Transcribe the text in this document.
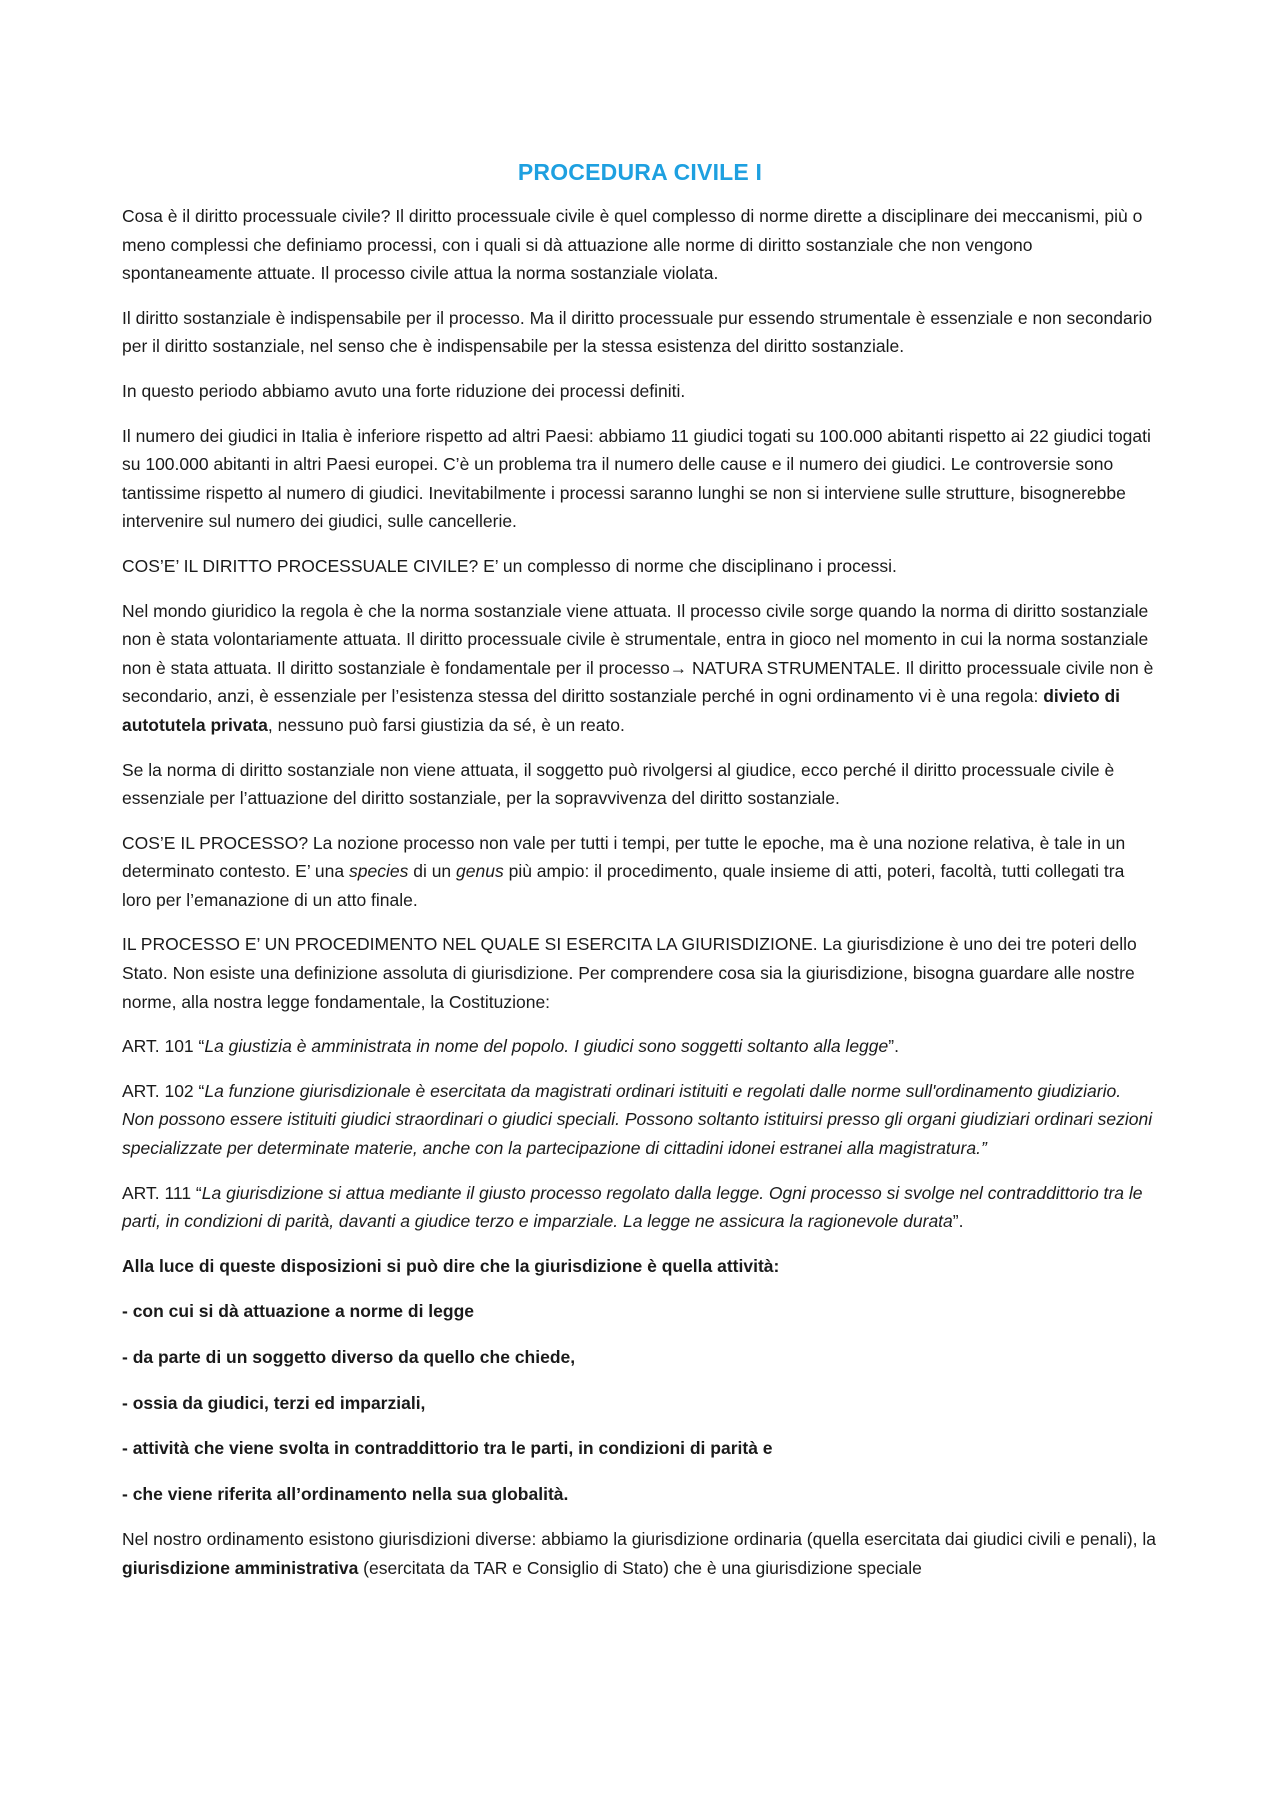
PROCEDURA CIVILE I

Cosa è il diritto processuale civile? Il diritto processuale civile è quel complesso di norme dirette a disciplinare dei meccanismi, più o meno complessi che definiamo processi, con i quali si dà attuazione alle norme di diritto sostanziale che non vengono spontaneamente attuate. Il processo civile attua la norma sostanziale violata.

Il diritto sostanziale è indispensabile per il processo. Ma il diritto processuale pur essendo strumentale è essenziale e non secondario per il diritto sostanziale, nel senso che è indispensabile per la stessa esistenza del diritto sostanziale.

In questo periodo abbiamo avuto una forte riduzione dei processi definiti.

Il numero dei giudici in Italia è inferiore rispetto ad altri Paesi: abbiamo 11 giudici togati su 100.000 abitanti rispetto ai 22 giudici togati su 100.000 abitanti in altri Paesi europei. C’è un problema tra il numero delle cause e il numero dei giudici. Le controversie sono tantissime rispetto al numero di giudici. Inevitabilmente i processi saranno lunghi se non si interviene sulle strutture, bisognerebbe intervenire sul numero dei giudici, sulle cancellerie.

COS’E’ IL DIRITTO PROCESSUALE CIVILE? E’ un complesso di norme che disciplinano i processi.

Nel mondo giuridico la regola è che la norma sostanziale viene attuata. Il processo civile sorge quando la norma di diritto sostanziale non è stata volontariamente attuata. Il diritto processuale civile è strumentale, entra in gioco nel momento in cui la norma sostanziale non è stata attuata. Il diritto sostanziale è fondamentale per il processo→ NATURA STRUMENTALE. Il diritto processuale civile non è secondario, anzi, è essenziale per l’esistenza stessa del diritto sostanziale perché in ogni ordinamento vi è una regola: divieto di autotutela privata, nessuno può farsi giustizia da sé, è un reato.

Se la norma di diritto sostanziale non viene attuata, il soggetto può rivolgersi al giudice, ecco perché il diritto processuale civile è essenziale per l’attuazione del diritto sostanziale, per la sopravvivenza del diritto sostanziale.

COS’E IL PROCESSO? La nozione processo non vale per tutti i tempi, per tutte le epoche, ma è una nozione relativa, è tale in un determinato contesto. E’ una species di un genus più ampio: il procedimento, quale insieme di atti, poteri, facoltà, tutti collegati tra loro per l’emanazione di un atto finale.

IL PROCESSO E’ UN PROCEDIMENTO NEL QUALE SI ESERCITA LA GIURISDIZIONE. La giurisdizione è uno dei tre poteri dello Stato. Non esiste una definizione assoluta di giurisdizione. Per comprendere cosa sia la giurisdizione, bisogna guardare alle nostre norme, alla nostra legge fondamentale, la Costituzione:

ART. 101 “La giustizia è amministrata in nome del popolo. I giudici sono soggetti soltanto alla legge”.

ART. 102 “La funzione giurisdizionale è esercitata da magistrati ordinari istituiti e regolati dalle norme sull'ordinamento giudiziario. Non possono essere istituiti giudici straordinari o giudici speciali. Possono soltanto istituirsi presso gli organi giudiziari ordinari sezioni specializzate per determinate materie, anche con la partecipazione di cittadini idonei estranei alla magistratura.”

ART. 111 “La giurisdizione si attua mediante il giusto processo regolato dalla legge. Ogni processo si svolge nel contraddittorio tra le parti, in condizioni di parità, davanti a giudice terzo e imparziale. La legge ne assicura la ragionevole durata”.

Alla luce di queste disposizioni si può dire che la giurisdizione è quella attività:

- con cui si dà attuazione a norme di legge

- da parte di un soggetto diverso da quello che chiede,

- ossia da giudici, terzi ed imparziali,

- attività che viene svolta in contraddittorio tra le parti, in condizioni di parità e

- che viene riferita all’ordinamento nella sua globalità.

Nel nostro ordinamento esistono giurisdizioni diverse: abbiamo la giurisdizione ordinaria (quella esercitata dai giudici civili e penali), la giurisdizione amministrativa (esercitata da TAR e Consiglio di Stato) che è una giurisdizione speciale
